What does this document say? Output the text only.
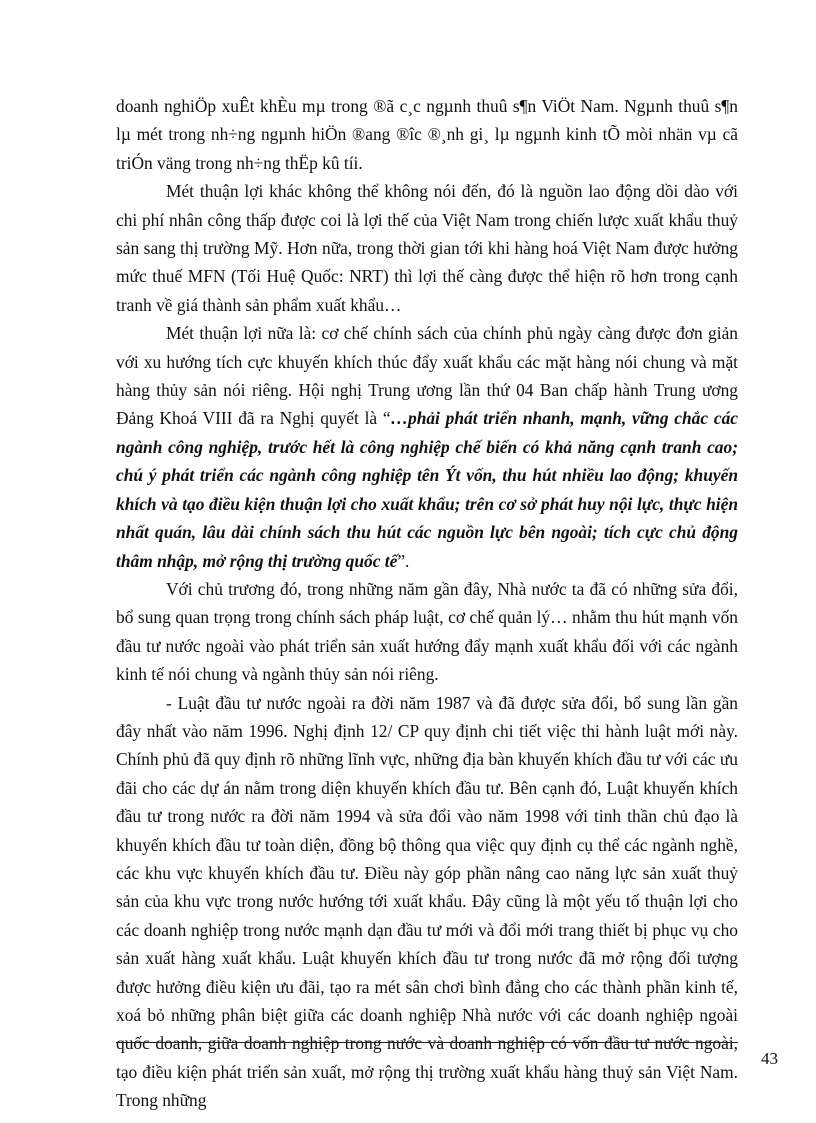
doanh nghiÖp xuÊt khÈu mµ trong ®ã c¸c ngµnh thuû s¶n ViÖt Nam. Ngµnh thuû s¶n lµ mét trong nh÷ng ngµnh hiÖn ®ang ®îc ®¸nh gi¸ lµ ngµnh kinh tÕ mòi nhän vµ cã triÓn väng trong nh÷ng thËp kû tíi.

Mét thuận lợi khác không thể không nói đến, đó là nguồn lao động dồi dào với chi phí nhân công thấp được coi là lợi thế của Việt Nam trong chiến lược xuất khẩu thuỷ sản sang thị trường Mỹ. Hơn nữa, trong thời gian tới khi hàng hoá Việt Nam được hưởng mức thuế MFN (Tối Huệ Quốc: NRT) thì lợi thế càng được thể hiện rõ hơn trong cạnh tranh về giá thành sản phẩm xuất khẩu…

Mét thuận lợi nữa là: cơ chế chính sách của chính phủ ngày càng được đơn giản với xu hướng tích cực khuyến khích thúc đẩy xuất khẩu các mặt hàng nói chung và mặt hàng thủy sản nói riêng. Hội nghị Trung ương lần thứ 04 Ban chấp hành Trung ương Đảng Khoá VIII đã ra Nghị quyết là “…phải phát triển nhanh, mạnh, vững chắc các ngành công nghiệp, trước hết là công nghiệp chế biến có khả năng cạnh tranh cao; chú ý phát triển các ngành công nghiệp tên Ýt vốn, thu hút nhiều lao động; khuyến khích và tạo điều kiện thuận lợi cho xuất khẩu; trên cơ sở phát huy nội lực, thực hiện nhất quán, lâu dài chính sách thu hút các nguồn lực bên ngoài; tích cực chủ động thâm nhập, mở rộng thị trường quốc tế”.

Với chủ trương đó, trong những năm gần đây, Nhà nước ta đã có những sửa đổi, bổ sung quan trọng trong chính sách pháp luật, cơ chế quản lý… nhằm thu hút mạnh vốn đầu tư nước ngoài vào phát triển sản xuất hướng đẩy mạnh xuất khẩu đối với các ngành kinh tế nói chung và ngành thủy sản nói riêng.

- Luật đầu tư nước ngoài ra đời năm 1987 và đã được sửa đổi, bổ sung lần gần đây nhất vào năm 1996. Nghị định 12/ CP quy định chi tiết việc thi hành luật mới này. Chính phủ đã quy định rõ những lĩnh vực, những địa bàn khuyến khích đầu tư với các ưu đãi cho các dự án nằm trong diện khuyến khích đầu tư. Bên cạnh đó, Luật khuyến khích đầu tư trong nước ra đời năm 1994 và sửa đổi vào năm 1998 với tinh thần chủ đạo là khuyến khích đầu tư toàn diện, đồng bộ thông qua việc quy định cụ thể các ngành nghề, các khu vực khuyến khích đầu tư. Điều này góp phần nâng cao năng lực sản xuất thuỷ sản của khu vực trong nước hướng tới xuất khẩu. Đây cũng là một yếu tố thuận lợi cho các doanh nghiệp trong nước mạnh dạn đầu tư mới và đổi mới trang thiết bị phục vụ cho sản xuất hàng xuất khẩu. Luật khuyến khích đầu tư trong nước đã mở rộng đối tượng được hưởng điều kiện ưu đãi, tạo ra mét sân chơi bình đẳng cho các thành phần kinh tế, xoá bỏ những phân biệt giữa các doanh nghiệp Nhà nước với các doanh nghiệp ngoài quốc doanh, giữa doanh nghiệp trong nước và doanh nghiệp có vốn đầu tư nước ngoài, tạo điều kiện phát triển sản xuất, mở rộng thị trường xuất khẩu hàng thuỷ sản Việt Nam. Trong những

43
